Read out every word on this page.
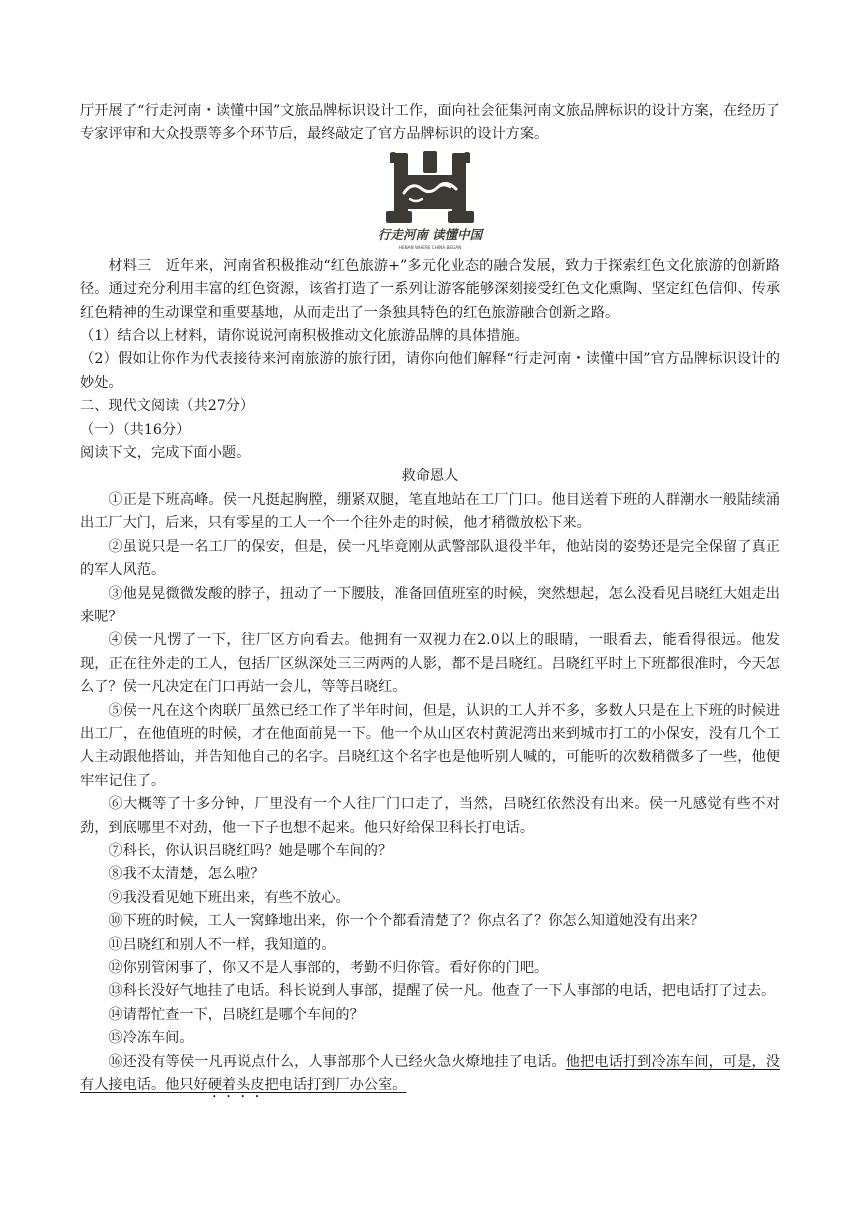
厅开展了“行走河南・读懂中国”文旅品牌标识设计工作，面向社会征集河南文旅品牌标识的设计方案，在经历了专家评审和大众投票等多个环节后，最终敲定了官方品牌标识的设计方案。

行走河南 读懂中国
HENAN WHERE CHINA BEGAN

材料三　近年来，河南省积极推动“红色旅游+”多元化业态的融合发展，致力于探索红色文化旅游的创新路径。通过充分利用丰富的红色资源，该省打造了一系列让游客能够深刻接受红色文化熏陶、坚定红色信仰、传承红色精神的生动课堂和重要基地，从而走出了一条独具特色的红色旅游融合创新之路。

（1）结合以上材料，请你说说河南积极推动文化旅游品牌的具体措施。

（2）假如让你作为代表接待来河南旅游的旅行团，请你向他们解释“行走河南・读懂中国”官方品牌标识设计的妙处。

二、现代文阅读（共27分）

（一）（共16分）

阅读下文，完成下面小题。

救命恩人

①正是下班高峰。侯一凡挺起胸膛，绷紧双腿，笔直地站在工厂门口。他目送着下班的人群潮水一般陆续涌出工厂大门，后来，只有零星的工人一个一个往外走的时候，他才稍微放松下来。

②虽说只是一名工厂的保安，但是，侯一凡毕竟刚从武警部队退役半年，他站岗的姿势还是完全保留了真正的军人风范。

③他晃晃微微发酸的脖子，扭动了一下腰肢，准备回值班室的时候，突然想起，怎么没看见吕晓红大姐走出来呢？

④侯一凡愣了一下，往厂区方向看去。他拥有一双视力在2.0以上的眼睛，一眼看去，能看得很远。他发现，正在往外走的工人，包括厂区纵深处三三两两的人影，都不是吕晓红。吕晓红平时上下班都很准时，今天怎么了？侯一凡决定在门口再站一会儿，等等吕晓红。

⑤侯一凡在这个肉联厂虽然已经工作了半年时间，但是，认识的工人并不多，多数人只是在上下班的时候进出工厂，在他值班的时候，才在他面前晃一下。他一个从山区农村黄泥湾出来到城市打工的小保安，没有几个工人主动跟他搭讪，并告知他自己的名字。吕晓红这个名字也是他听别人喊的，可能听的次数稍微多了一些，他便牢牢记住了。

⑥大概等了十多分钟，厂里没有一个人往厂门口走了，当然，吕晓红依然没有出来。侯一凡感觉有些不对劲，到底哪里不对劲，他一下子也想不起来。他只好给保卫科长打电话。

⑦科长，你认识吕晓红吗？她是哪个车间的？

⑧我不太清楚，怎么啦？

⑨我没看见她下班出来，有些不放心。

⑩下班的时候，工人一窝蜂地出来，你一个个都看清楚了？你点名了？你怎么知道她没有出来？

⑪吕晓红和别人不一样，我知道的。

⑫你别管闲事了，你又不是人事部的，考勤不归你管。看好你的门吧。

⑬科长没好气地挂了电话。科长说到人事部，提醒了侯一凡。他查了一下人事部的电话，把电话打了过去。

⑭请帮忙查一下，吕晓红是哪个车间的？

⑮冷冻车间。

⑯还没有等侯一凡再说点什么，人事部那个人已经火急火燎地挂了电话。他把电话打到冷冻车间，可是，没有人接电话。他只好硬着头皮把电话打到厂办公室。
